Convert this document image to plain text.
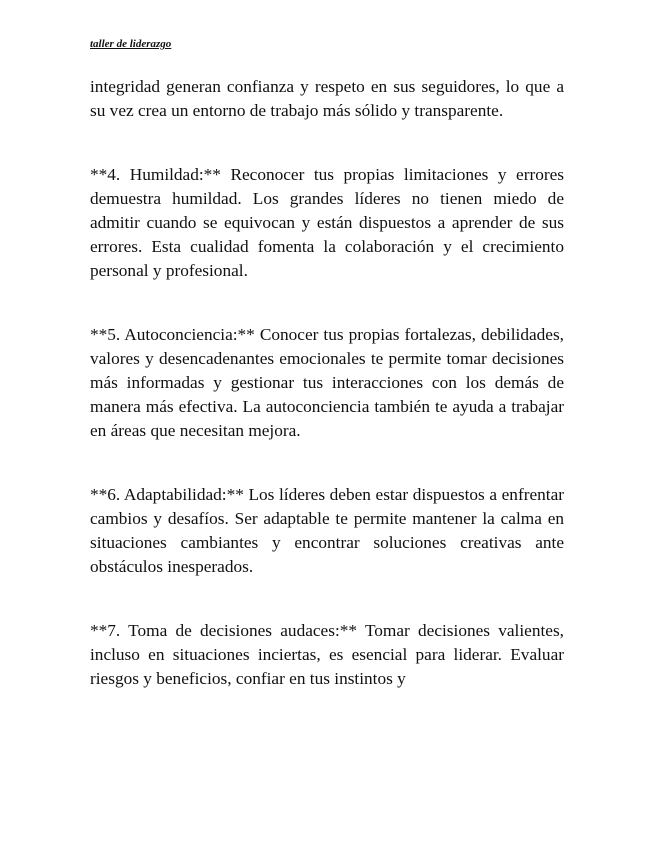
taller de liderazgo

integridad generan confianza y respeto en sus seguidores, lo que a su vez crea un entorno de trabajo más sólido y transparente.

**4. Humildad:** Reconocer tus propias limitaciones y errores demuestra humildad. Los grandes líderes no tienen miedo de admitir cuando se equivocan y están dispuestos a aprender de sus errores. Esta cualidad fomenta la colaboración y el crecimiento personal y profesional.

**5. Autoconciencia:** Conocer tus propias fortalezas, debilidades, valores y desencadenantes emocionales te permite tomar decisiones más informadas y gestionar tus interacciones con los demás de manera más efectiva. La autoconciencia también te ayuda a trabajar en áreas que necesitan mejora.

**6. Adaptabilidad:** Los líderes deben estar dispuestos a enfrentar cambios y desafíos. Ser adaptable te permite mantener la calma en situaciones cambiantes y encontrar soluciones creativas ante obstáculos inesperados.

**7. Toma de decisiones audaces:** Tomar decisiones valientes, incluso en situaciones inciertas, es esencial para liderar. Evaluar riesgos y beneficios, confiar en tus instintos y
